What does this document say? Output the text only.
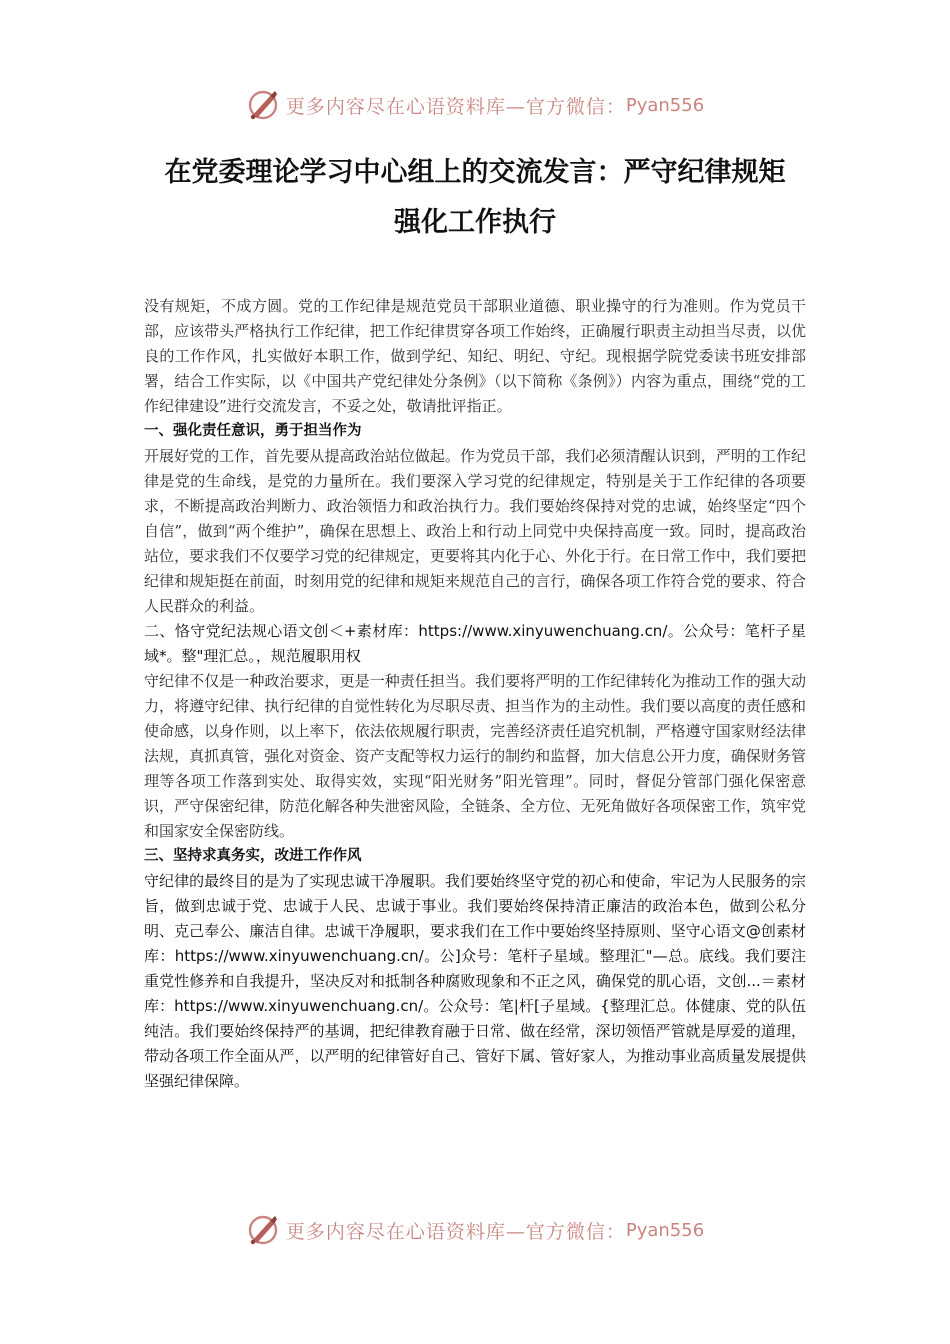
更多内容尽在心语资料库—官方微信： Pyan556
在党委理论学习中心组上的交流发言：严守纪律规矩
强化工作执行

没有规矩，不成方圆。党的工作纪律是规范党员干部职业道德、职业操守的行为准则。作为党员干部，应该带头严格执行工作纪律，把工作纪律贯穿各项工作始终，正确履行职责主动担当尽责，以优良的工作作风，扎实做好本职工作，做到学纪、知纪、明纪、守纪。现根据学院党委读书班安排部署，结合工作实际，以《中国共产党纪律处分条例》（以下简称《条例》）内容为重点，围绕“党的工作纪律建设”进行交流发言，不妥之处，敬请批评指正。

一、强化责任意识，勇于担当作为

开展好党的工作，首先要从提高政治站位做起。作为党员干部，我们必须清醒认识到，严明的工作纪律是党的生命线，是党的力量所在。我们要深入学习党的纪律规定，特别是关于工作纪律的各项要求，不断提高政治判断力、政治领悟力和政治执行力。我们要始终保持对党的忠诚，始终坚定“四个自信”，做到“两个维护”，确保在思想上、政治上和行动上同党中央保持高度一致。同时，提高政治站位，要求我们不仅要学习党的纪律规定，更要将其内化于心、外化于行。在日常工作中，我们要把纪律和规矩挺在前面，时刻用党的纪律和规矩来规范自己的言行，确保各项工作符合党的要求、符合人民群众的利益。

二、恪守党纪法规心语文创＜+素材库：https://www.xinyuwenchuang.cn/。公众号：笔杆子星域*。整"理汇总。，规范履职用权

守纪律不仅是一种政治要求，更是一种责任担当。我们要将严明的工作纪律转化为推动工作的强大动力，将遵守纪律、执行纪律的自觉性转化为尽职尽责、担当作为的主动性。我们要以高度的责任感和使命感，以身作则，以上率下，依法依规履行职责，完善经济责任追究机制，严格遵守国家财经法律法规，真抓真管，强化对资金、资产支配等权力运行的制约和监督，加大信息公开力度，确保财务管理等各项工作落到实处、取得实效，实现“阳光财务”阳光管理”。同时，督促分管部门强化保密意识，严守保密纪律，防范化解各种失泄密风险，全链条、全方位、无死角做好各项保密工作，筑牢党和国家安全保密防线。

三、坚持求真务实，改进工作作风

守纪律的最终目的是为了实现忠诚干净履职。我们要始终坚守党的初心和使命，牢记为人民服务的宗旨，做到忠诚于党、忠诚于人民、忠诚于事业。我们要始终保持清正廉洁的政治本色，做到公私分明、克己奉公、廉洁自律。忠诚干净履职，要求我们在工作中要始终坚持原则、坚守心语文@创素材库：https://www.xinyuwenchuang.cn/。公]众号：笔杆子星域。整理汇"—总。底线。我们要注重党性修养和自我提升，坚决反对和抵制各种腐败现象和不正之风，确保党的肌心语，文创...＝素材库：https://www.xinyuwenchuang.cn/。公众号：笔|杆[子星域。{整理汇总。体健康、党的队伍纯洁。我们要始终保持严的基调，把纪律教育融于日常、做在经常，深切领悟严管就是厚爱的道理，带动各项工作全面从严，以严明的纪律管好自己、管好下属、管好家人，为推动事业高质量发展提供坚强纪律保障。

更多内容尽在心语资料库—官方微信： Pyan556
